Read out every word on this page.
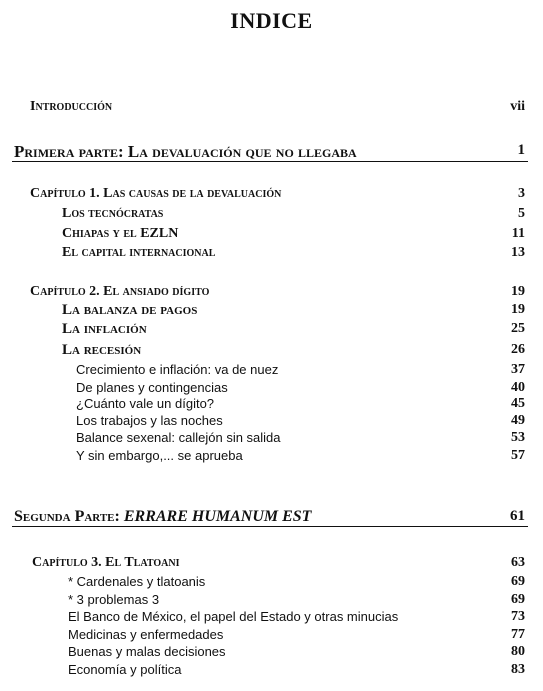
INDICE
Introducción	vii
Primera parte: La devaluación que no llegaba	1
Capítulo 1. Las causas de la devaluación	3
Los tecnócratas	5
Chiapas y el EZLN	11
El capital internacional	13
Capítulo 2. El ansiado dígito	19
La balanza de pagos	19
La inflación	25
La recesión	26
Crecimiento e inflación: va de nuez	37
De planes y contingencias	40
¿Cuánto vale un dígito?	45
Los trabajos y las noches	49
Balance sexenal: callejón sin salida	53
Y sin embargo,... se aprueba	57
Segunda Parte: ERRARE HUMANUM EST	61
Capítulo 3. El Tlatoani	63
* Cardenales y tlatoanis	69
* 3 problemas 3	69
El Banco de México, el papel del Estado y otras minucias	73
Medicinas y enfermedades	77
Buenas y malas decisiones	80
Economía y política	83
